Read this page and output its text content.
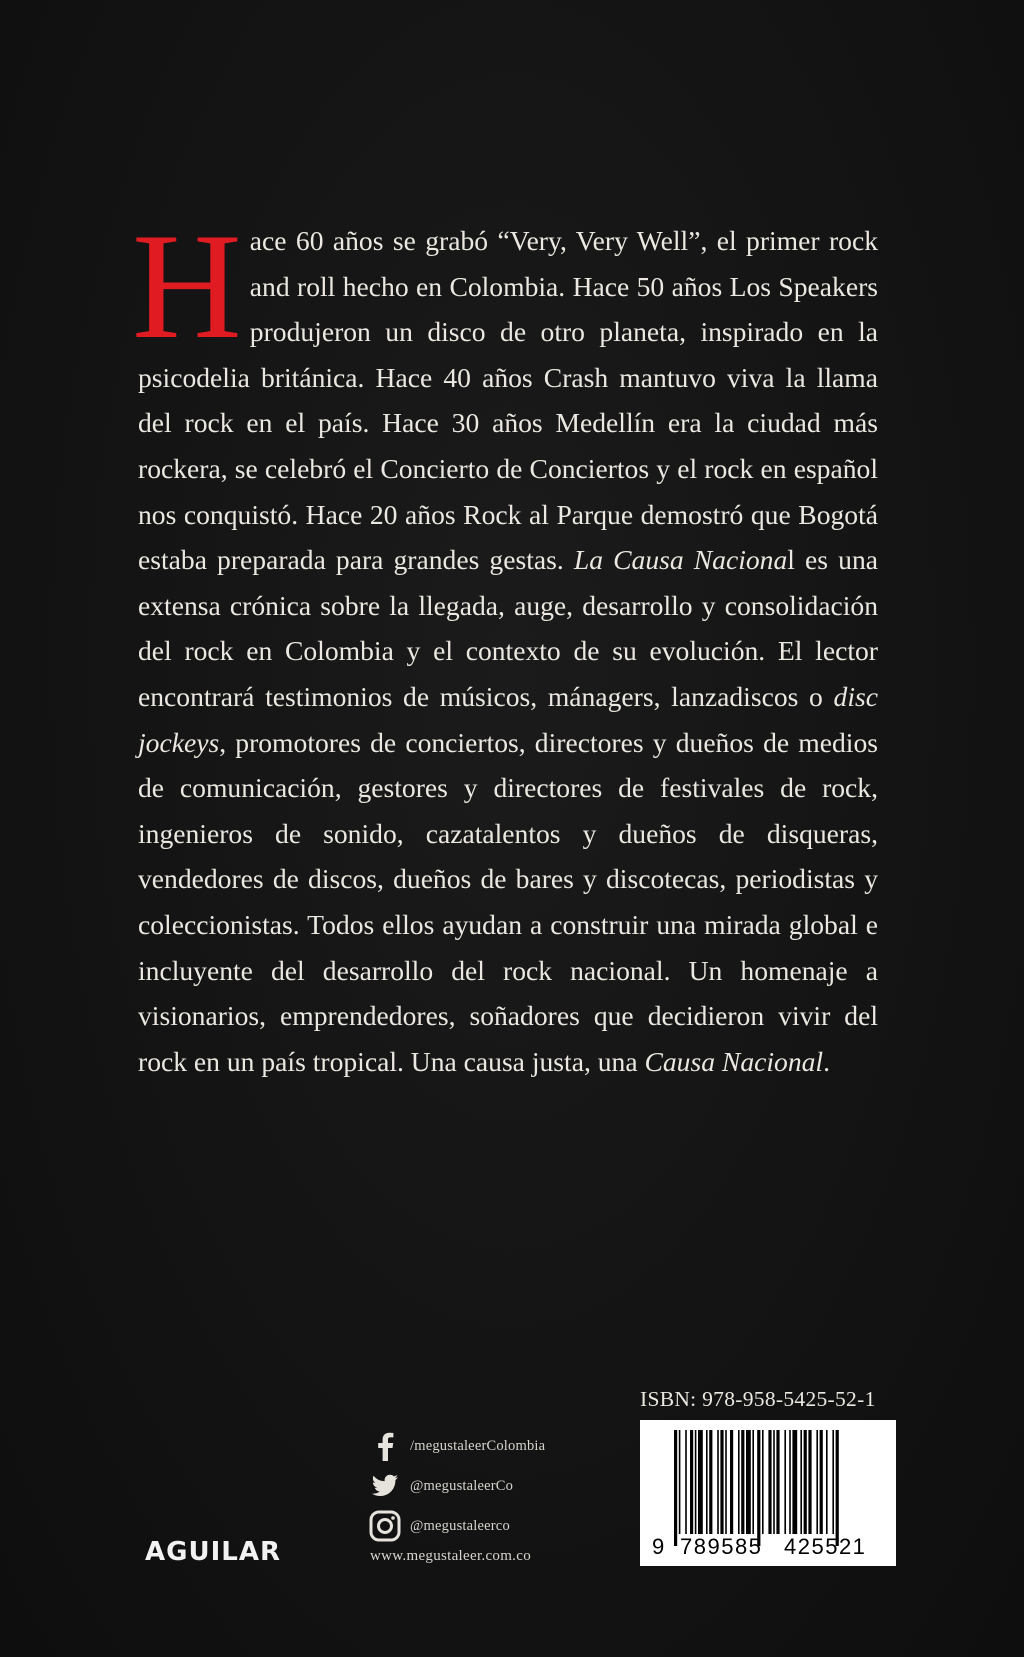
Hace 60 años se grabó “Very, Very Well”, el primer rock and roll hecho en Colombia. Hace 50 años Los Speakers produjeron un disco de otro planeta, inspirado en la psicodelia británica. Hace 40 años Crash mantuvo viva la llama del rock en el país. Hace 30 años Medellín era la ciudad más rockera, se celebró el Concierto de Conciertos y el rock en español nos conquistó. Hace 20 años Rock al Parque demostró que Bogotá estaba preparada para grandes gestas. La Causa Nacional es una extensa crónica sobre la llegada, auge, desarrollo y consolidación del rock en Colombia y el contexto de su evolución. El lector encontrará testimonios de músicos, mánagers, lanzadiscos o disc jockeys, promotores de conciertos, directores y dueños de medios de comunicación, gestores y directores de festivales de rock, ingenieros de sonido, cazatalentos y dueños de disqueras, vendedores de discos, dueños de bares y discotecas, periodistas y coleccionistas. Todos ellos ayudan a construir una mirada global e incluyente del desarrollo del rock nacional. Un homenaje a visionarios, emprendedores, soñadores que decidieron vivir del rock en un país tropical. Una causa justa, una Causa Nacional.

/megustaleerColombia
@megustaleerCo
@megustaleerco
www.megustaleer.com.co
AGUILAR
ISBN: 978-958-5425-52-1
9 789585 425521
